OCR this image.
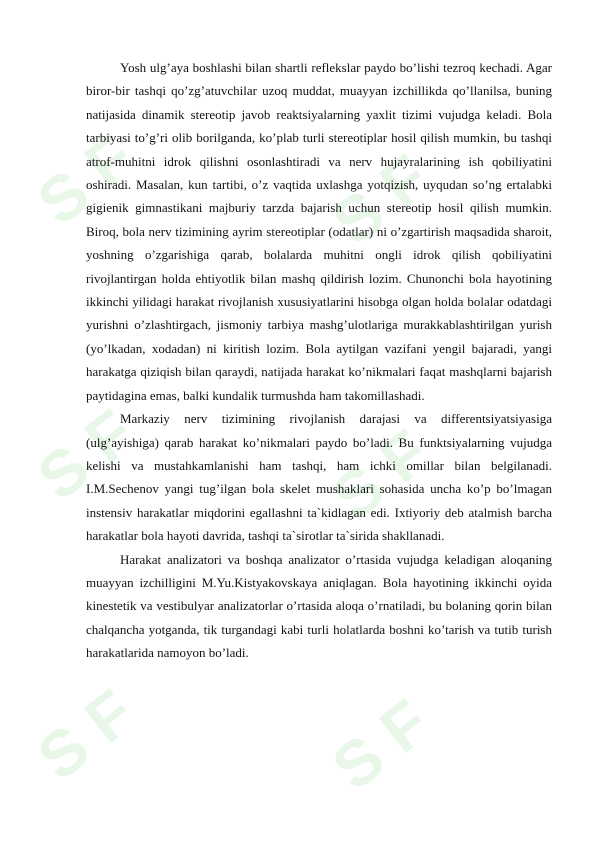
S F	S F
S F	S F
S F	S F

Yosh ulg’aya boshlashi bilan shartli reflekslar paydo bo’lishi tezroq kechadi. Agar biror-bir tashqi qo’zg’atuvchilar uzoq muddat, muayyan izchillikda qo’llanilsa, buning natijasida dinamik stereotip javob reaktsiyalarning yaxlit tizimi vujudga keladi. Bola tarbiyasi to’g’ri olib borilganda, ko’plab turli stereotiplar hosil qilish mumkin, bu tashqi atrof-muhitni idrok qilishni osonlashtiradi va nerv hujayralarining ish qobiliyatini oshiradi. Masalan, kun tartibi, o’z vaqtida uxlashga yotqizish, uyqudan so’ng ertalabki gigienik gimnastikani majburiy tarzda bajarish uchun stereotip hosil qilish mumkin. Biroq, bola nerv tizimining ayrim stereotiplar (odatlar) ni o’zgartirish maqsadida sharoit, yoshning o’zgarishiga qarab, bolalarda muhitni ongli idrok qilish qobiliyatini rivojlantirgan holda ehtiyotlik bilan mashq qildirish lozim. Chunonchi bola hayotining ikkinchi yilidagi harakat rivojlanish xususiyatlarini hisobga olgan holda bolalar odatdagi yurishni o’zlashtirgach, jismoniy tarbiya mashg’ulotlariga murakkablashtirilgan yurish (yo’lkadan, xodadan) ni kiritish lozim. Bola aytilgan vazifani yengil bajaradi, yangi harakatga qiziqish bilan qaraydi, natijada harakat ko’nikmalari faqat mashqlarni bajarish paytidagina emas, balki kundalik turmushda ham takomillashadi.

Markaziy nerv tizimining rivojlanish darajasi va differentsiyatsiyasiga (ulg’ayishiga) qarab harakat ko’nikmalari paydo bo’ladi. Bu funktsiyalarning vujudga kelishi va mustahkamlanishi ham tashqi, ham ichki omillar bilan belgilanadi. I.M.Sechenov yangi tug’ilgan bola skelet mushaklari sohasida uncha ko’p bo’lmagan instensiv harakatlar miqdorini egallashni ta`kidlagan edi. Ixtiyoriy deb atalmish barcha harakatlar bola hayoti davrida, tashqi ta`sirotlar ta`sirida shakllanadi.

Harakat analizatori va boshqa analizator o’rtasida vujudga keladigan aloqaning muayyan izchilligini M.Yu.Kistyakovskaya aniqlagan. Bola hayotining ikkinchi oyida kinestetik va vestibulyar analizatorlar o’rtasida aloqa o’rnatiladi, bu bolaning qorin bilan chalqancha yotganda, tik turgandagi kabi turli holatlarda boshni ko’tarish va tutib turish harakatlarida namoyon bo’ladi.
